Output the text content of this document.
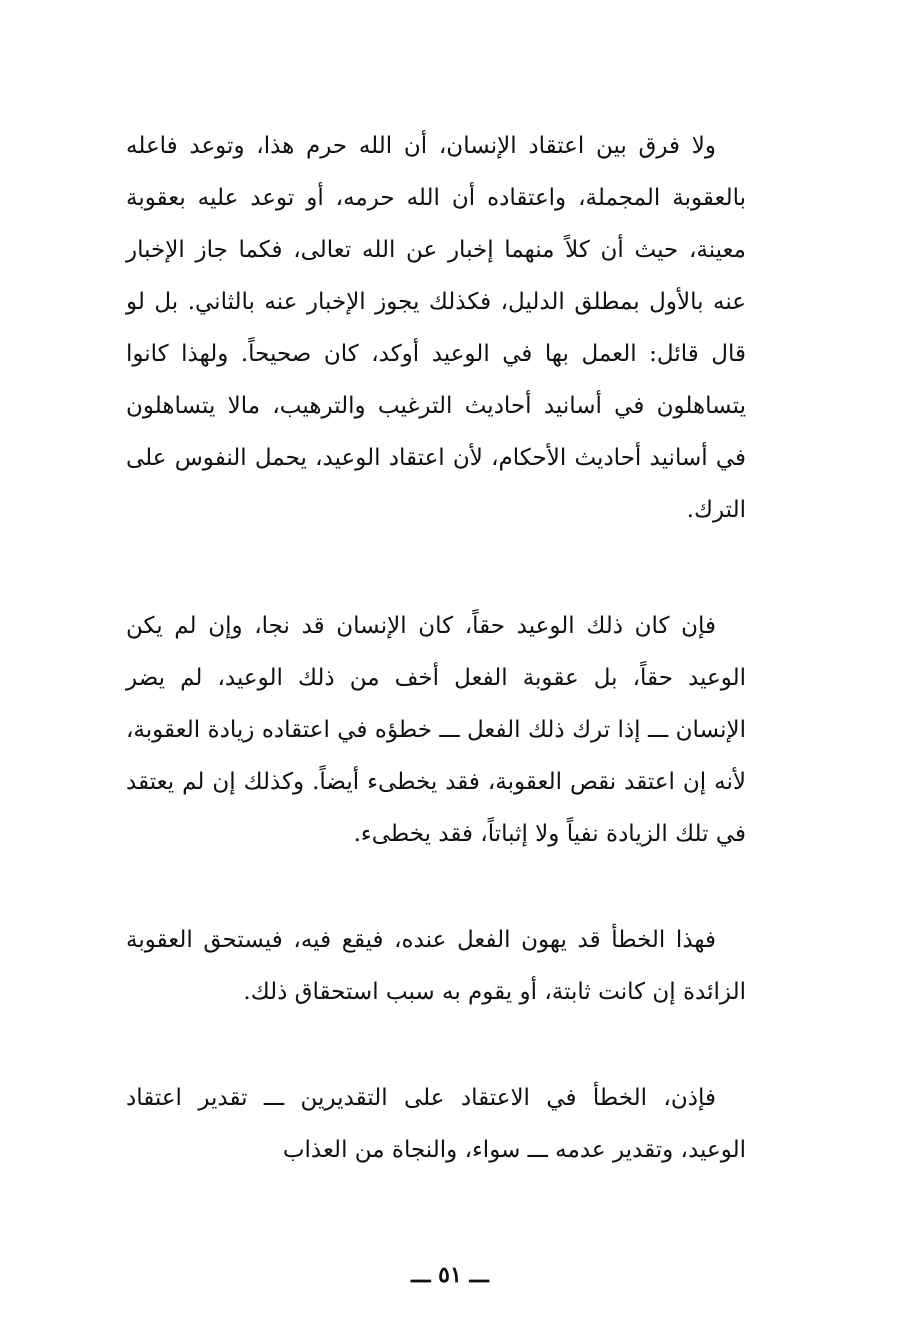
ولا فرق بين اعتقاد الإنسان، أن الله حرم هذا، وتوعد فاعله بالعقوبة المجملة، واعتقاده أن الله حرمه، أو توعد عليه بعقوبة معينة، حيث أن كلاً منهما إخبار عن الله تعالى، فكما جاز الإخبار عنه بالأول بمطلق الدليل، فكذلك يجوز الإخبار عنه بالثاني. بل لو قال قائل: العمل بها في الوعيد أوكد، كان صحيحاً. ولهذا كانوا يتساهلون في أسانيد أحاديث الترغيب والترهيب، مالا يتساهلون في أسانيد أحاديث الأحكام، لأن اعتقاد الوعيد، يحمل النفوس على الترك.

فإن كان ذلك الوعيد حقاً، كان الإنسان قد نجا، وإن لم يكن الوعيد حقاً، بل عقوبة الفعل أخف من ذلك الوعيد، لم يضر الإنسان ـــ إذا ترك ذلك الفعل ـــ خطؤه في اعتقاده زيادة العقوبة، لأنه إن اعتقد نقص العقوبة، فقد يخطىء أيضاً. وكذلك إن لم يعتقد في تلك الزيادة نفياً ولا إثباتاً، فقد يخطىء.

فهذا الخطأ قد يهون الفعل عنده، فيقع فيه، فيستحق العقوبة الزائدة إن كانت ثابتة، أو يقوم به سبب استحقاق ذلك.

فإذن، الخطأ في الاعتقاد على التقديرين ـــ تقدير اعتقاد الوعيد، وتقدير عدمه ـــ سواء، والنجاة من العذاب

ـــ ٥١ ـــ
